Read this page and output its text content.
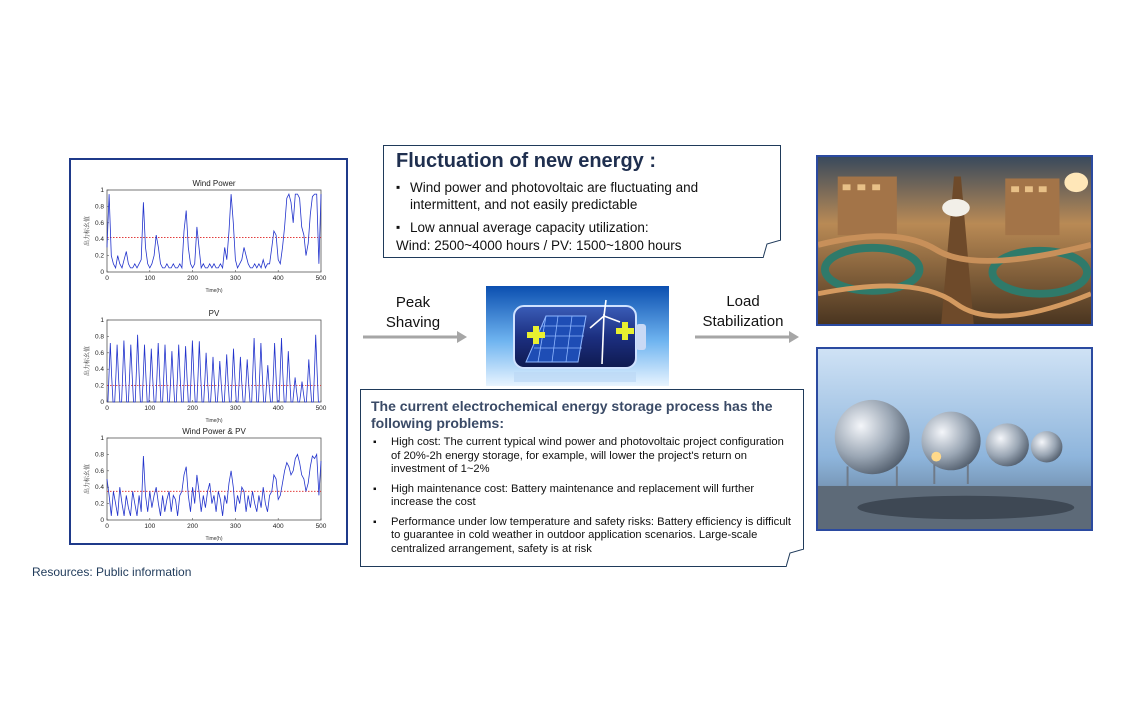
Wind Power
Time(h)
出力标幺值
0	100	200	300	400	500
0
0.2
0.4
0.6
0.8
1
PV
Time(h)
出力标幺值
0	100	200	300	400	500
0
0.2
0.4
0.6
0.8
1
Wind Power & PV
Time(h)
出力标幺值
0	100	200	300	400	500
0
0.2
0.4
0.6
0.8
1
Resources: Public information
Fluctuation of new energy :
▪ Wind power and photovoltaic are fluctuating and intermittent, and not easily predictable
▪ Low annual average capacity utilization:
Wind: 2500~4000 hours / PV: 1500~1800 hours
Peak
Shaving
Load
Stabilization
The current electrochemical energy storage process has the following problems:
▪ High cost: The current typical wind power and photovoltaic project configuration of 20%-2h energy storage, for example, will lower the project's return on investment of 1~2%
▪ High maintenance cost: Battery maintenance and replacement will further increase the cost
▪ Performance under low temperature and safety risks: Battery efficiency is difficult to guarantee in cold weather in outdoor application scenarios. Large-scale centralized arrangement, safety is at risk
